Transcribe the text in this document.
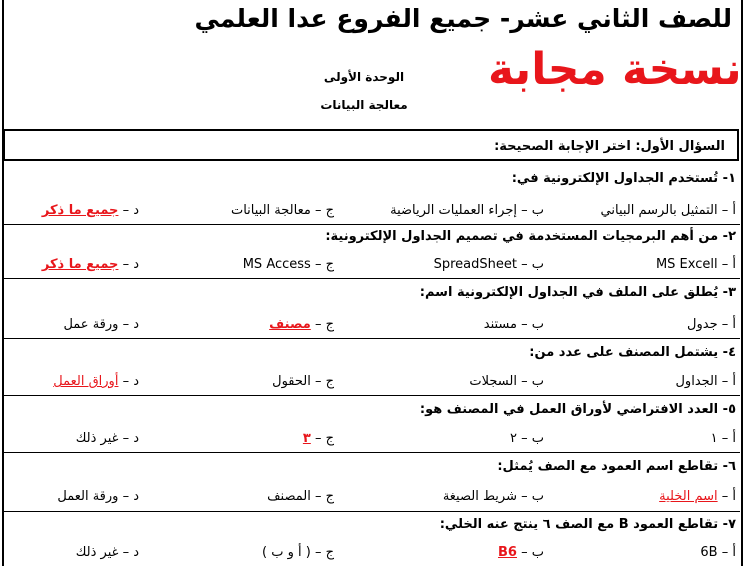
للصف الثاني عشر- جميع الفروع عدا العلمي
نسخة مجابة
الوحدة الأولى
معالجة البيانات
السؤال الأول: اختر الإجابة الصحيحة:
١- تُستخدم الجداول الإلكترونية في:
أ – التمثيل بالرسم البياني
ب – إجراء العمليات الرياضية
ج – معالجة البيانات
د – جميع ما ذكر
٢- من أهم البرمجيات المستخدمة في تصميم الجداول الإلكترونية:
أ – MS Excell
ب – SpreadSheet
ج – MS Access
د – جميع ما ذكر
٣- يُطلق على الملف في الجداول الإلكترونية اسم:
أ – جدول
ب – مستند
ج – مصنف
د – ورقة عمل
٤- يشتمل المصنف على عدد من:
أ – الجداول
ب – السجلات
ج – الحقول
د – أوراق العمل
٥- العدد الافتراضي لأوراق العمل في المصنف هو:
أ – ١
ب – ٢
ج – ٣
د – غير ذلك
٦- تقاطع اسم العمود مع الصف يُمثل:
أ – اسم الخلية
ب – شريط الصيغة
ج – المصنف
د – ورقة العمل
٧- تقاطع العمود B مع الصف ٦ ينتج عنه الخلي:
أ – 6B
ب – B6
ج – ( أ و ب )
د – غير ذلك
